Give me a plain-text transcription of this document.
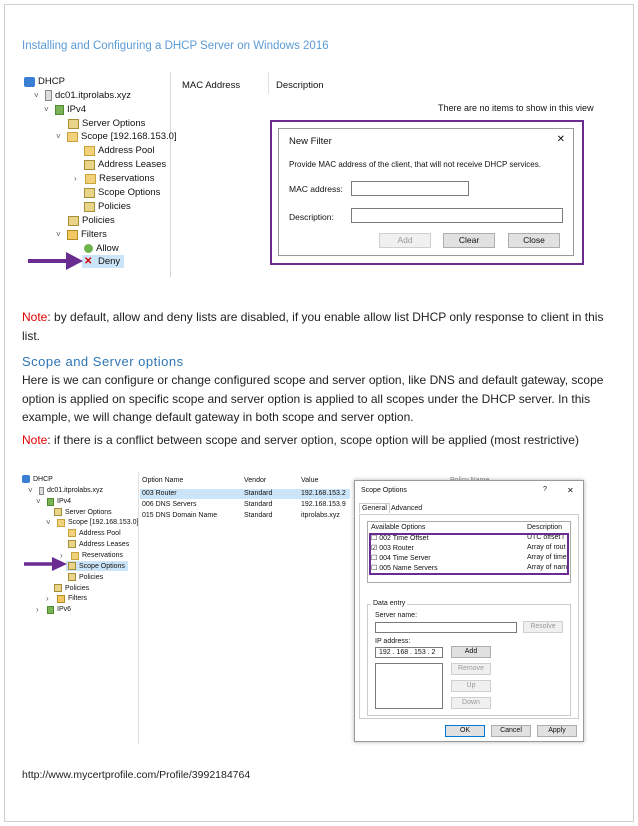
Installing and Configuring a DHCP Server on Windows 2016
DHCP
˅	dc01.itprolabs.xyz
˅	IPv4
Server Options
˅	Scope [192.168.153.0]
Address Pool
Address Leases
›	Reservations
Scope Options
Policies
Policies
˅	Filters
Allow
✕ Deny
MAC Address	Description
There are no items to show in this view
New Filter	✕
Provide MAC address of the client, that will not receive DHCP services.
MAC address:
Description:
Add	Clear	Close
Note: by default, allow and deny lists are disabled, if you enable allow list DHCP only response to client in this list.
Scope and Server options
Here is we can configure or change configured scope and server option, like DNS and default gateway, scope option is applied on specific scope and server option is applied to all scopes under the DHCP server. In this example, we will change default gateway in both scope and server option.
Note: if there is a conflict between scope and server option, scope option will be applied (most restrictive)
DHCP
˅	dc01.itprolabs.xyz
˅	IPv4
Server Options
˅	Scope [192.168.153.0]
Address Pool
Address Leases
›	Reservations
Scope Options
Policies
Policies
›	Filters
›	IPv6
Option Name	Vendor	Value
003 Router	Standard	192.168.153.2
006 DNS Servers	Standard	192.168.153.9
015 DNS Domain Name	Standard	itprolabs.xyz
Scope Options	?	✕
General Advanced
Available Options	Description
☐ 002 Time Offset	UTC offset i
☑ 003 Router	Array of rout
☐ 004 Time Server	Array of time
☐ 005 Name Servers	Array of nam
Data entry
Server name:
Resolve
IP address:
192 . 168 . 153 . 2	Add
Remove
Up
Down
OK	Cancel	Apply
http://www.mycertprofile.com/Profile/3992184764
